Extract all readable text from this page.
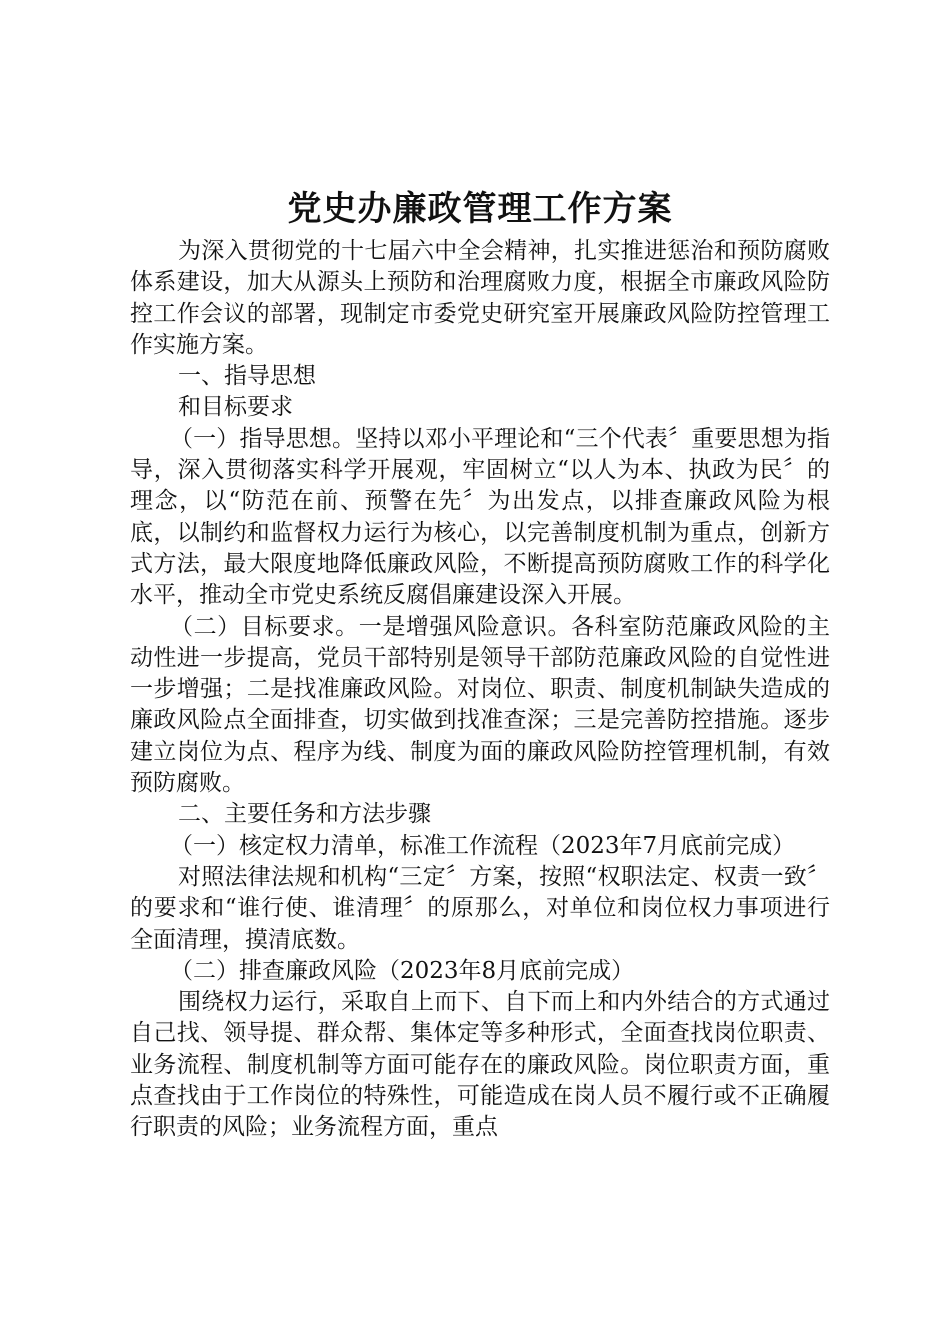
党史办廉政管理工作方案

为深入贯彻党的十七届六中全会精神，扎实推进惩治和预防腐败体系建设，加大从源头上预防和治理腐败力度，根据全市廉政风险防控工作会议的部署，现制定市委党史研究室开展廉政风险防控管理工作实施方案。

一、指导思想

和目标要求

（一）指导思想。坚持以邓小平理论和“三个代表〞重要思想为指导，深入贯彻落实科学开展观，牢固树立“以人为本、执政为民〞的理念，以“防范在前、预警在先〞为出发点，以排查廉政风险为根底，以制约和监督权力运行为核心，以完善制度机制为重点，创新方式方法，最大限度地降低廉政风险，不断提高预防腐败工作的科学化水平，推动全市党史系统反腐倡廉建设深入开展。

（二）目标要求。一是增强风险意识。各科室防范廉政风险的主动性进一步提高，党员干部特别是领导干部防范廉政风险的自觉性进一步增强；二是找准廉政风险。对岗位、职责、制度机制缺失造成的廉政风险点全面排查，切实做到找准查深；三是完善防控措施。逐步建立岗位为点、程序为线、制度为面的廉政风险防控管理机制，有效预防腐败。

二、主要任务和方法步骤

（一）核定权力清单，标准工作流程（2023年7月底前完成）

对照法律法规和机构“三定〞方案，按照“权职法定、权责一致〞的要求和“谁行使、谁清理〞的原那么，对单位和岗位权力事项进行全面清理，摸清底数。

（二）排查廉政风险（2023年8月底前完成）

围绕权力运行，采取自上而下、自下而上和内外结合的方式通过自己找、领导提、群众帮、集体定等多种形式，全面查找岗位职责、业务流程、制度机制等方面可能存在的廉政风险。岗位职责方面，重点查找由于工作岗位的特殊性，可能造成在岗人员不履行或不正确履行职责的风险；业务流程方面，重点
